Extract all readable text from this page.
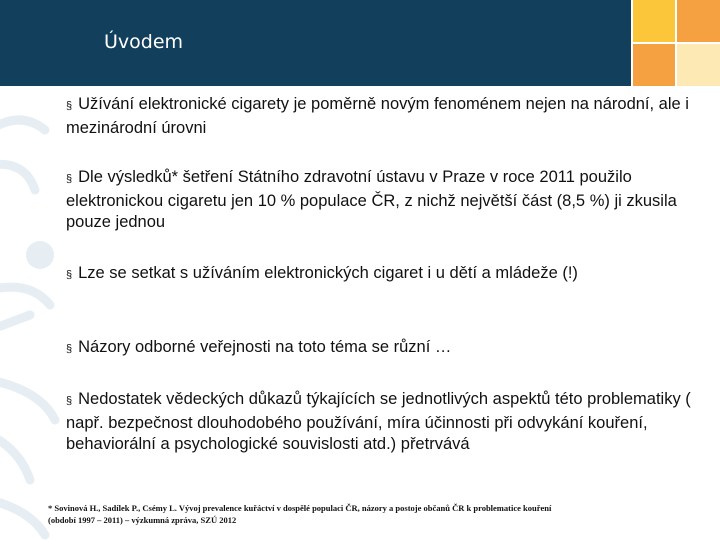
Úvodem
§ Užívání elektronické cigarety je poměrně novým fenoménem nejen na národní, ale i mezinárodní úrovni
§ Dle výsledků* šetření Státního zdravotní ústavu v Praze v roce 2011 použilo elektronickou cigaretu jen 10 % populace ČR, z nichž největší část (8,5 %) ji zkusila pouze jednou
§ Lze se setkat s užíváním elektronických cigaret i u dětí a mládeže (!)
§ Názory odborné veřejnosti na toto téma se různí …
§ Nedostatek vědeckých důkazů týkajících se jednotlivých aspektů této problematiky ( např. bezpečnost dlouhodobého používání, míra účinnosti při odvykání kouření, behaviorální a psychologické souvislosti atd.) přetrvává
* Sovinová H., Sadílek P., Csémy L. Vývoj prevalence kuřáctví v dospělé populaci ČR, názory a postoje občanů ČR k problematice kouření
(období 1997 – 2011) – výzkumná zpráva, SZÚ 2012
